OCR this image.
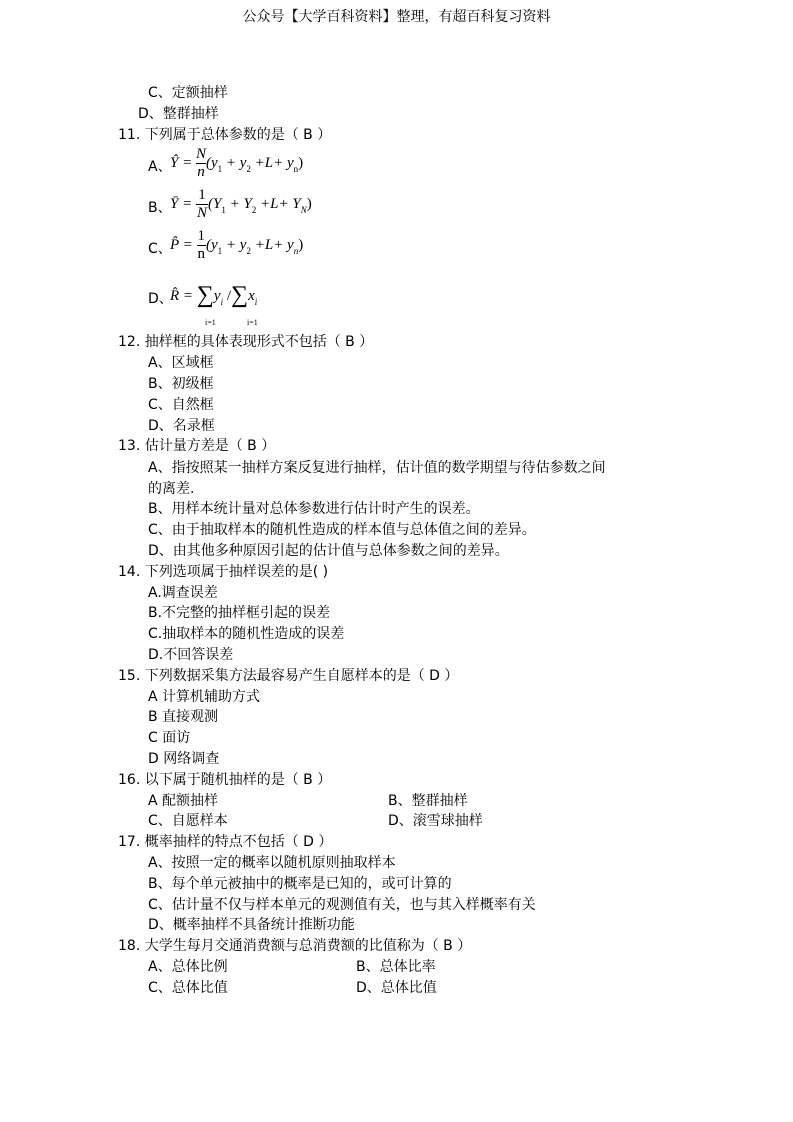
公众号【大学百科资料】整理，有超百科复习资料
C、定额抽样
D、整群抽样
11. 下列属于总体参数的是（ B ）
A、
Ŷ = $\frac{N}{n} (y_1 + y_2 +L+ y_n)$
B、
Ȳ = $\frac{1}{N} (Y_1 + Y_2 +L+ Y_N)$
C、
P̂ = $\frac{1}{n} (y_1 + y_2 +L+ y_n)$
D、
R̂ = $\sum y_i$ $/\sum x_i$
i=1	i=1
12. 抽样框的具体表现形式不包括（ B ）
A、区域框
B、初级框
C、自然框
D、名录框
13. 估计量方差是（ B ）
A、指按照某一抽样方案反复进行抽样，估计值的数学期望与待估参数之间
的离差.
B、用样本统计量对总体参数进行估计时产生的误差。
C、由于抽取样本的随机性造成的样本值与总体值之间的差异。
D、由其他多种原因引起的估计值与总体参数之间的差异。
14. 下列选项属于抽样误差的是( )
A.调查误差
B.不完整的抽样框引起的误差
C.抽取样本的随机性造成的误差
D.不回答误差
15. 下列数据采集方法最容易产生自愿样本的是（ D ）
A 计算机辅助方式
B 直接观测
C 面访
D 网络调查
16. 以下属于随机抽样的是（ B ）
A 配额抽样	B、整群抽样
C、自愿样本	D、滚雪球抽样
17. 概率抽样的特点不包括（ D ）
A、按照一定的概率以随机原则抽取样本
B、每个单元被抽中的概率是已知的，或可计算的
C、估计量不仅与样本单元的观测值有关，也与其入样概率有关
D、概率抽样不具备统计推断功能
18. 大学生每月交通消费额与总消费额的比值称为（ B ）
A、总体比例	B、总体比率
C、总体比值	D、总体比值
